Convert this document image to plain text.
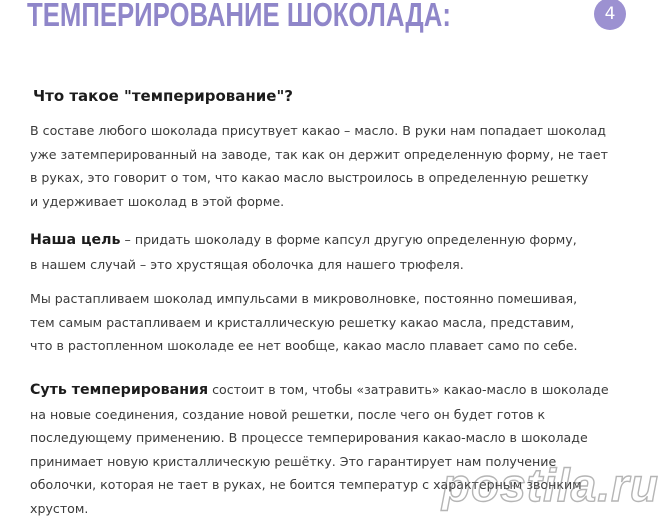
ТЕМПЕРИРОВАНИЕ ШОКОЛАДА:	4
Что такое "темперирование"?

В составе любого шоколада присутвует какао – масло. В руки нам попадает шоколад
уже затемперированный на заводе, так как он держит определенную форму, не тает
в руках, это говорит о том, что какао масло выстроилось в определенную решетку
и удерживает шоколад в этой форме.

Наша цель – придать шоколаду в форме капсул другую определенную форму,
в нашем случай – это хрустящая оболочка для нашего трюфеля.

Мы растапливаем шоколад импульсами в микроволновке, постоянно помешивая,
тем самым растапливаем и кристаллическую решетку какао масла, представим,
что в растопленном шоколаде ее нет вообще, какао масло плавает само по себе.

Суть темперирования состоит в том, чтобы «затравить» какао-масло в шоколаде
на новые соединения, создание новой решетки, после чего он будет готов к
последующему применению. В процессе темперирования какао-масло в шоколаде
принимает новую кристаллическую решётку. Это гарантирует нам получение
оболочки, которая не тает в руках, не боится температур с характерным звонким
хрустом.	postila.ru
